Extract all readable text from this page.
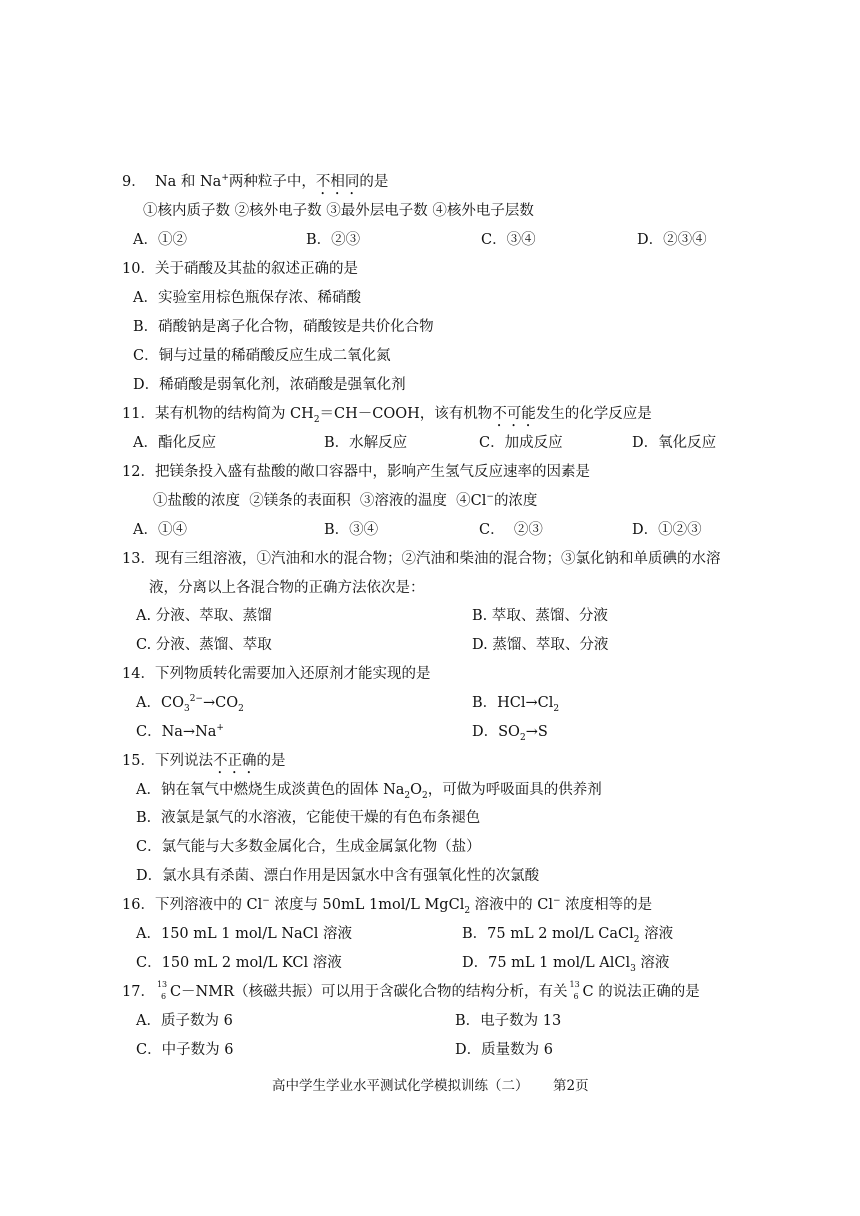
9．  Na 和 Na+两种粒子中，不相同的是
①核内质子数 ②核外电子数 ③最外层电子数 ④核外电子层数
A．①②	B．②③	C．③④	D．②③④
10．关于硝酸及其盐的叙述正确的是
A．实验室用棕色瓶保存浓、稀硝酸
B．硝酸钠是离子化合物，硝酸铵是共价化合物
C．铜与过量的稀硝酸反应生成二氧化氮
D．稀硝酸是弱氧化剂，浓硝酸是强氧化剂
11．某有机物的结构简为 $CH_2=CH-COOH$，该有机物不可能发生的化学反应是
A．酯化反应	B．水解反应	C．加成反应	D．氧化反应
12．把镁条投入盛有盐酸的敞口容器中，影响产生氢气反应速率的因素是
①盐酸的浓度  ②镁条的表面积  ③溶液的温度  ④Cl−的浓度
A．①④	B．③④	C．  ②③	D．①②③
13．现有三组溶液，①汽油和水的混合物；②汽油和柴油的混合物；③氯化钠和单质碘的水溶
液，分离以上各混合物的正确方法依次是：
A. 分液、萃取、蒸馏	B. 萃取、蒸馏、分液
C. 分液、蒸馏、萃取	D. 蒸馏、萃取、分液
14．下列物质转化需要加入还原剂才能实现的是
A．$CO_3^{2-}\to CO_2$	B．$HCl\to Cl_2$
C．Na→Na+	D．$SO_2\to S$
15．下列说法不正确的是
A．钠在氧气中燃烧生成淡黄色的固体 $Na_2O_2$，可做为呼吸面具的供养剂
B．液氯是氯气的水溶液，它能使干燥的有色布条褪色
C．氯气能与大多数金属化合，生成金属氯化物（盐）
D．氯水具有杀菌、漂白作用是因氯水中含有强氧化性的次氯酸
16．下列溶液中的 Cl− 浓度与 50mL 1mol/L MgCl$_2$ 溶液中的 Cl− 浓度相等的是
A．150 mL 1 mol/L NaCl 溶液	B．75 mL 2 mol/L CaCl$_2$ 溶液
C．150 mL 2 mol/L KCl 溶液	D．75 mL 1 mol/L AlCl$_3$ 溶液
17． 13
6 C－NMR（核磁共振）可以用于含碳化合物的结构分析，有关 13
6 C 的说法正确的是
A．质子数为 6	B．电子数为 13
C．中子数为 6	D．质量数为 6
高中学生学业水平测试化学模拟训练（二） 第2页
